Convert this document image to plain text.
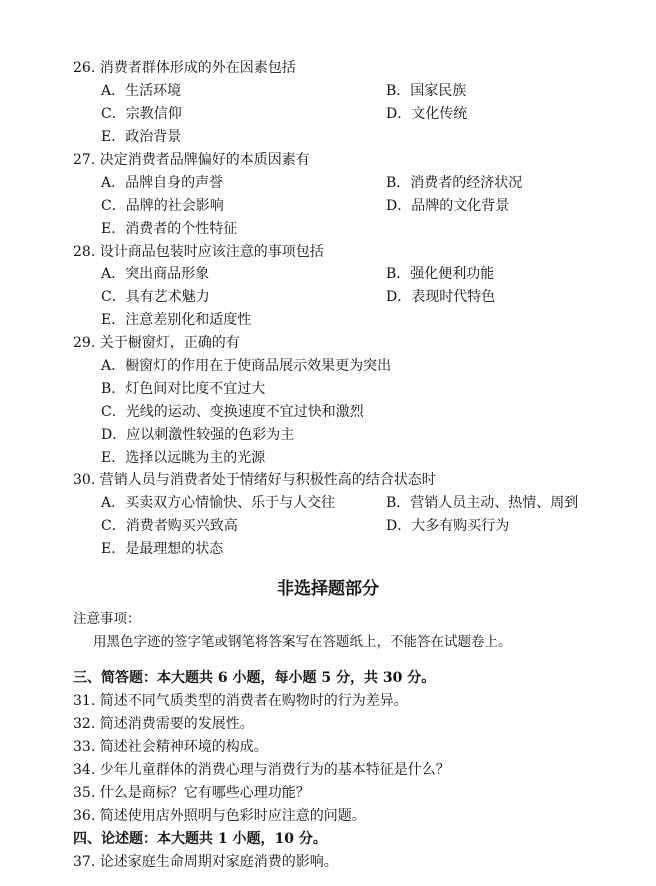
26. 消费者群体形成的外在因素包括
A．生活环境	B．国家民族
C．宗教信仰	D．文化传统
E．政治背景
27. 决定消费者品牌偏好的本质因素有
A．品牌自身的声誉	B．消费者的经济状况
C．品牌的社会影响	D．品牌的文化背景
E．消费者的个性特征
28. 设计商品包装时应该注意的事项包括
A．突出商品形象	B．强化便利功能
C．具有艺术魅力	D．表现时代特色
E．注意差别化和适度性
29. 关于橱窗灯，正确的有
A．橱窗灯的作用在于使商品展示效果更为突出
B．灯色间对比度不宜过大
C．光线的运动、变换速度不宜过快和激烈
D．应以刺激性较强的色彩为主
E．选择以远眺为主的光源
30. 营销人员与消费者处于情绪好与积极性高的结合状态时
A．买卖双方心情愉快、乐于与人交往	B．营销人员主动、热情、周到
C．消费者购买兴致高	D．大多有购买行为
E．是最理想的状态
非选择题部分
注意事项：
用黑色字迹的签字笔或钢笔将答案写在答题纸上，不能答在试题卷上。
三、简答题：本大题共 6 小题，每小题 5 分，共 30 分。
31. 简述不同气质类型的消费者在购物时的行为差异。
32. 简述消费需要的发展性。
33. 简述社会精神环境的构成。
34. 少年儿童群体的消费心理与消费行为的基本特征是什么？
35. 什么是商标？它有哪些心理功能？
36. 简述使用店外照明与色彩时应注意的问题。
四、论述题：本大题共 1 小题，10 分。
37. 论述家庭生命周期对家庭消费的影响。
